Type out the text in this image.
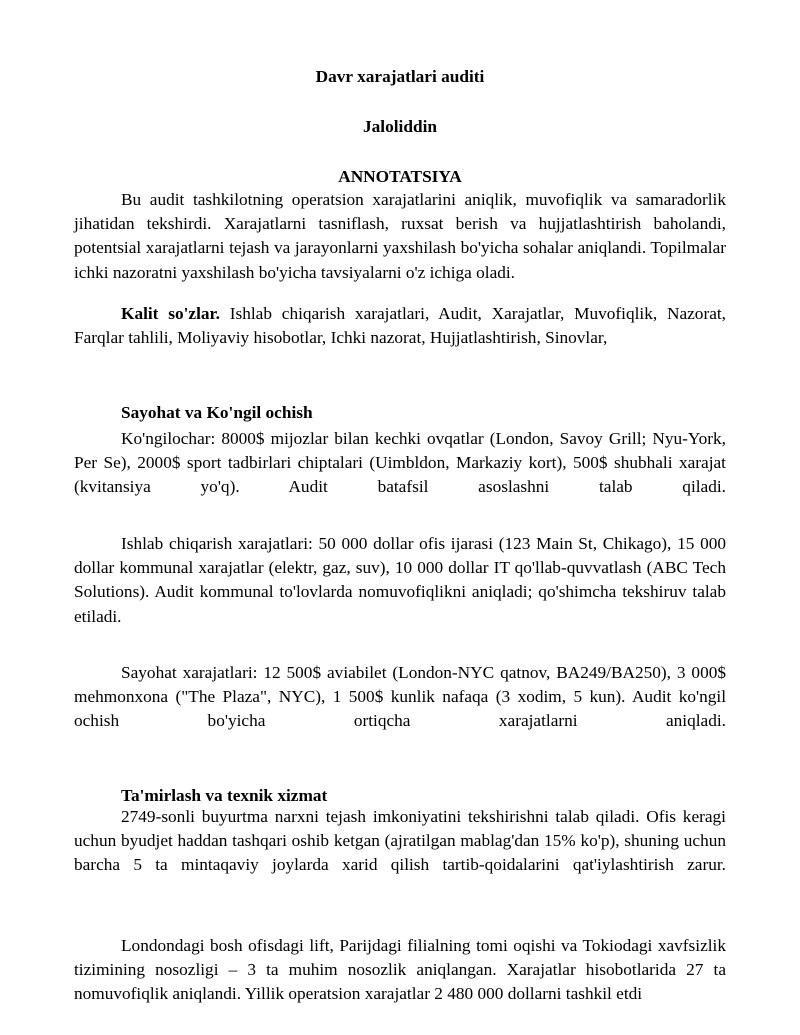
Davr xarajatlari auditi

Jaloliddin

ANNOTATSIYA

Bu audit tashkilotning operatsion xarajatlarini aniqlik, muvofiqlik va samaradorlik jihatidan tekshirdi. Xarajatlarni tasniflash, ruxsat berish va hujjatlashtirish baholandi, potentsial xarajatlarni tejash va jarayonlarni yaxshilash bo'yicha sohalar aniqlandi. Topilmalar ichki nazoratni yaxshilash bo'yicha tavsiyalarni o'z ichiga oladi.

Kalit so'zlar. Ishlab chiqarish xarajatlari, Audit, Xarajatlar, Muvofiqlik, Nazorat, Farqlar tahlili, Moliyaviy hisobotlar, Ichki nazorat, Hujjatlashtirish, Sinovlar,

Sayohat va Ko'ngil ochish

Ko'ngilochar: 8000$ mijozlar bilan kechki ovqatlar (London, Savoy Grill; Nyu-York, Per Se), 2000$ sport tadbirlari chiptalari (Uimbldon, Markaziy kort), 500$ shubhali xarajat (kvitansiya yo'q). Audit batafsil asoslashni talab qiladi.

Ishlab chiqarish xarajatlari: 50 000 dollar ofis ijarasi (123 Main St, Chikago), 15 000 dollar kommunal xarajatlar (elektr, gaz, suv), 10 000 dollar IT qo'llab-quvvatlash (ABC Tech Solutions). Audit kommunal to'lovlarda nomuvofiqlikni aniqladi; qo'shimcha tekshiruv talab etiladi.

Sayohat xarajatlari: 12 500$ aviabilet (London-NYC qatnov, BA249/BA250), 3 000$ mehmonxona ("The Plaza", NYC), 1 500$ kunlik nafaqa (3 xodim, 5 kun). Audit ko'ngil ochish bo'yicha ortiqcha xarajatlarni aniqladi.

Ta'mirlash va texnik xizmat

2749-sonli buyurtma narxni tejash imkoniyatini tekshirishni talab qiladi. Ofis keragi uchun byudjet haddan tashqari oshib ketgan (ajratilgan mablag'dan 15% ko'p), shuning uchun barcha 5 ta mintaqaviy joylarda xarid qilish tartib-qoidalarini qat'iylashtirish zarur.

Londondagi bosh ofisdagi lift, Parijdagi filialning tomi oqishi va Tokiodagi xavfsizlik tizimining nosozligi – 3 ta muhim nosozlik aniqlangan. Xarajatlar hisobotlarida 27 ta nomuvofiqlik aniqlandi. Yillik operatsion xarajatlar 2 480 000 dollarni tashkil etdi
